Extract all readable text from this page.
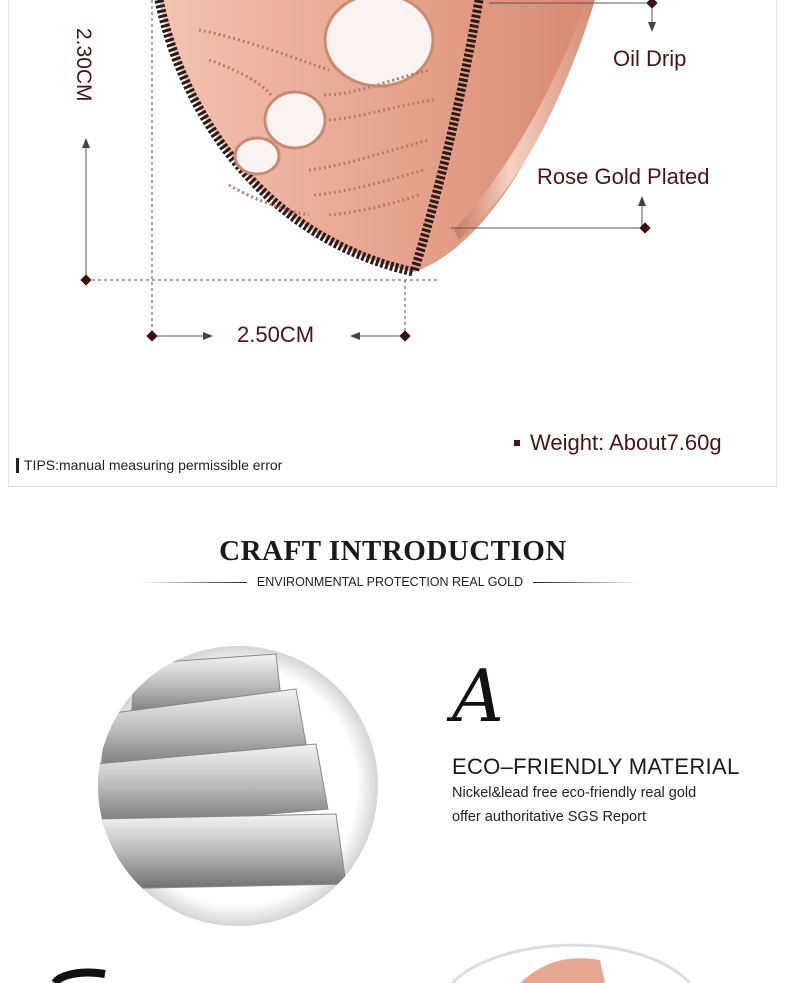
2.30CM
2.50CM
Oil Drip
Rose Gold Plated
Weight: About7.60g
TIPS:manual measuring permissible error
CRAFT INTRODUCTION
ENVIRONMENTAL PROTECTION REAL GOLD
A
ECO–FRIENDLY MATERIAL
Nickel&lead free eco-friendly real gold
offer authoritative SGS Report
